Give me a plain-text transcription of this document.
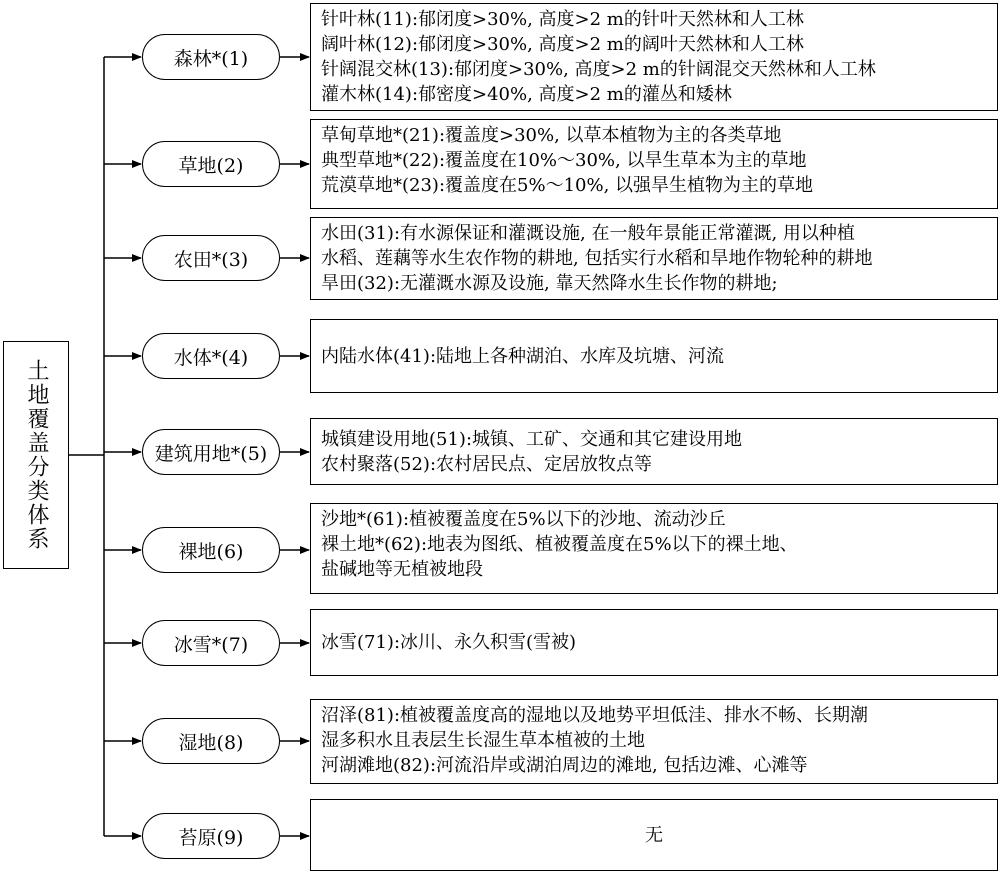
土地覆盖分类体系
森林*(1)
草地(2)
农田*(3)
水体*(4)
建筑用地*(5)
裸地(6)
冰雪*(7)
湿地(8)
苔原(9)
针叶林(11):郁闭度>30%, 高度>2 m的针叶天然林和人工林
阔叶林(12):郁闭度>30%, 高度>2 m的阔叶天然林和人工林
针阔混交林(13):郁闭度>30%, 高度>2 m的针阔混交天然林和人工林
灌木林(14):郁密度>40%, 高度>2 m的灌丛和矮林
草甸草地*(21):覆盖度>30%, 以草本植物为主的各类草地
典型草地*(22):覆盖度在10%～30%, 以旱生草本为主的草地
荒漠草地*(23):覆盖度在5%～10%, 以强旱生植物为主的草地
水田(31):有水源保证和灌溉设施, 在一般年景能正常灌溉, 用以种植
水稻、莲藕等水生农作物的耕地, 包括实行水稻和旱地作物轮种的耕地
旱田(32):无灌溉水源及设施, 靠天然降水生长作物的耕地;
内陆水体(41):陆地上各种湖泊、水库及坑塘、河流
城镇建设用地(51):城镇、工矿、交通和其它建设用地
农村聚落(52):农村居民点、定居放牧点等
沙地*(61):植被覆盖度在5%以下的沙地、流动沙丘
裸土地*(62):地表为图纸、植被覆盖度在5%以下的裸土地、
盐碱地等无植被地段
冰雪(71):冰川、永久积雪(雪被)
沼泽(81):植被覆盖度高的湿地以及地势平坦低洼、排水不畅、长期潮
湿多积水且表层生长湿生草本植被的土地
河湖滩地(82):河流沿岸或湖泊周边的滩地, 包括边滩、心滩等
无
